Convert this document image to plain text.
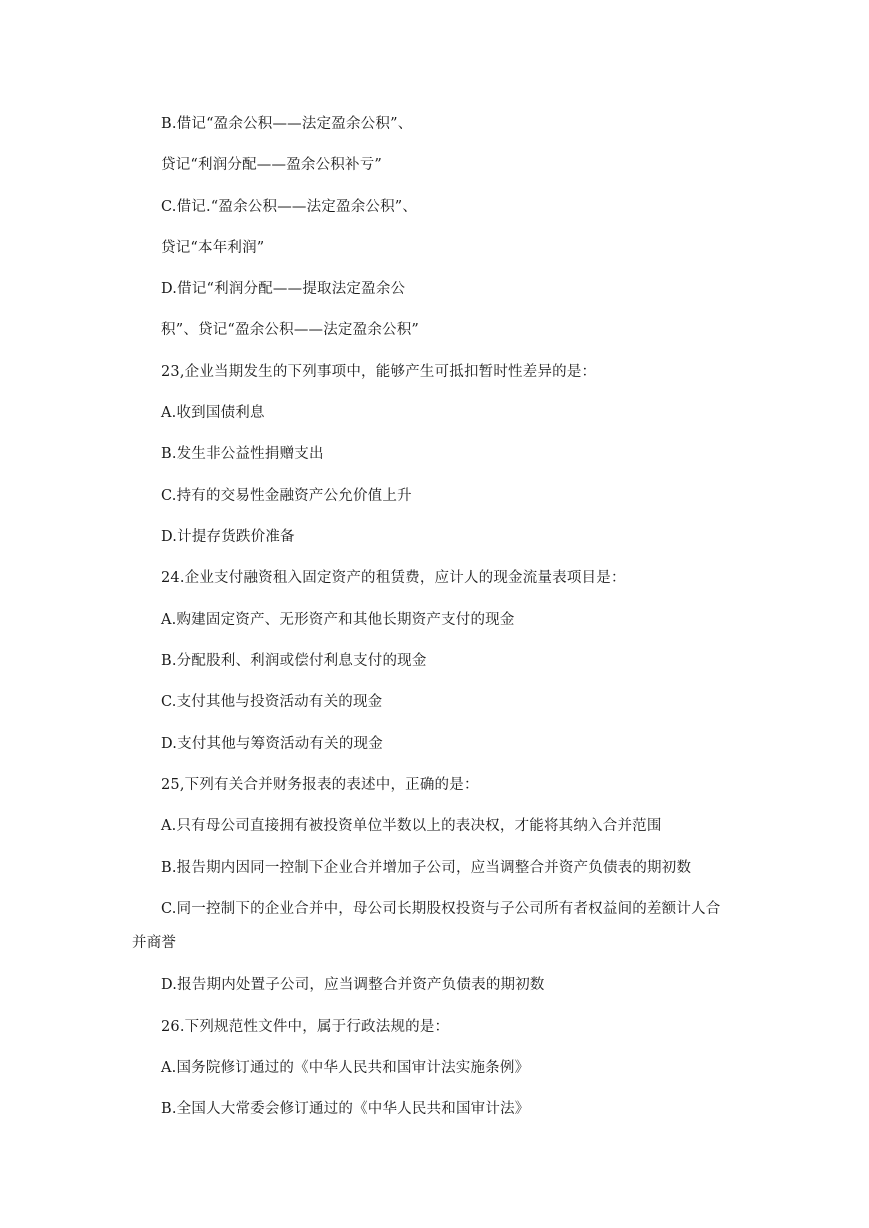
B.借记“盈余公积——法定盈余公积”、
贷记“利润分配——盈余公积补亏”
C.借记.“盈余公积——法定盈余公积”、
贷记“本年利润”
D.借记“利润分配——提取法定盈余公
积”、贷记“盈余公积——法定盈余公积”
23,企业当期发生的下列事项中，能够产生可抵扣暂时性差异的是：
A.收到国债利息
B.发生非公益性捐赠支出
C.持有的交易性金融资产公允价值上升
D.计提存货跌价准备
24.企业支付融资租入固定资产的租赁费，应计人的现金流量表项目是：
A.购建固定资产、无形资产和其他长期资产支付的现金
B.分配股利、利润或偿付利息支付的现金
C.支付其他与投资活动有关的现金
D.支付其他与筹资活动有关的现金
25,下列有关合并财务报表的表述中，正确的是：
A.只有母公司直接拥有被投资单位半数以上的表决权，才能将其纳入合并范围
B.报告期内因同一控制下企业合并增加子公司，应当调整合并资产负债表的期初数
C.同一控制下的企业合并中，母公司长期股权投资与子公司所有者权益间的差额计人合
并商誉
D.报告期内处置子公司，应当调整合并资产负债表的期初数
26.下列规范性文件中，属于行政法规的是：
A.国务院修订通过的《中华人民共和国审计法实施条例》
B.全国人大常委会修订通过的《中华人民共和国审计法》
